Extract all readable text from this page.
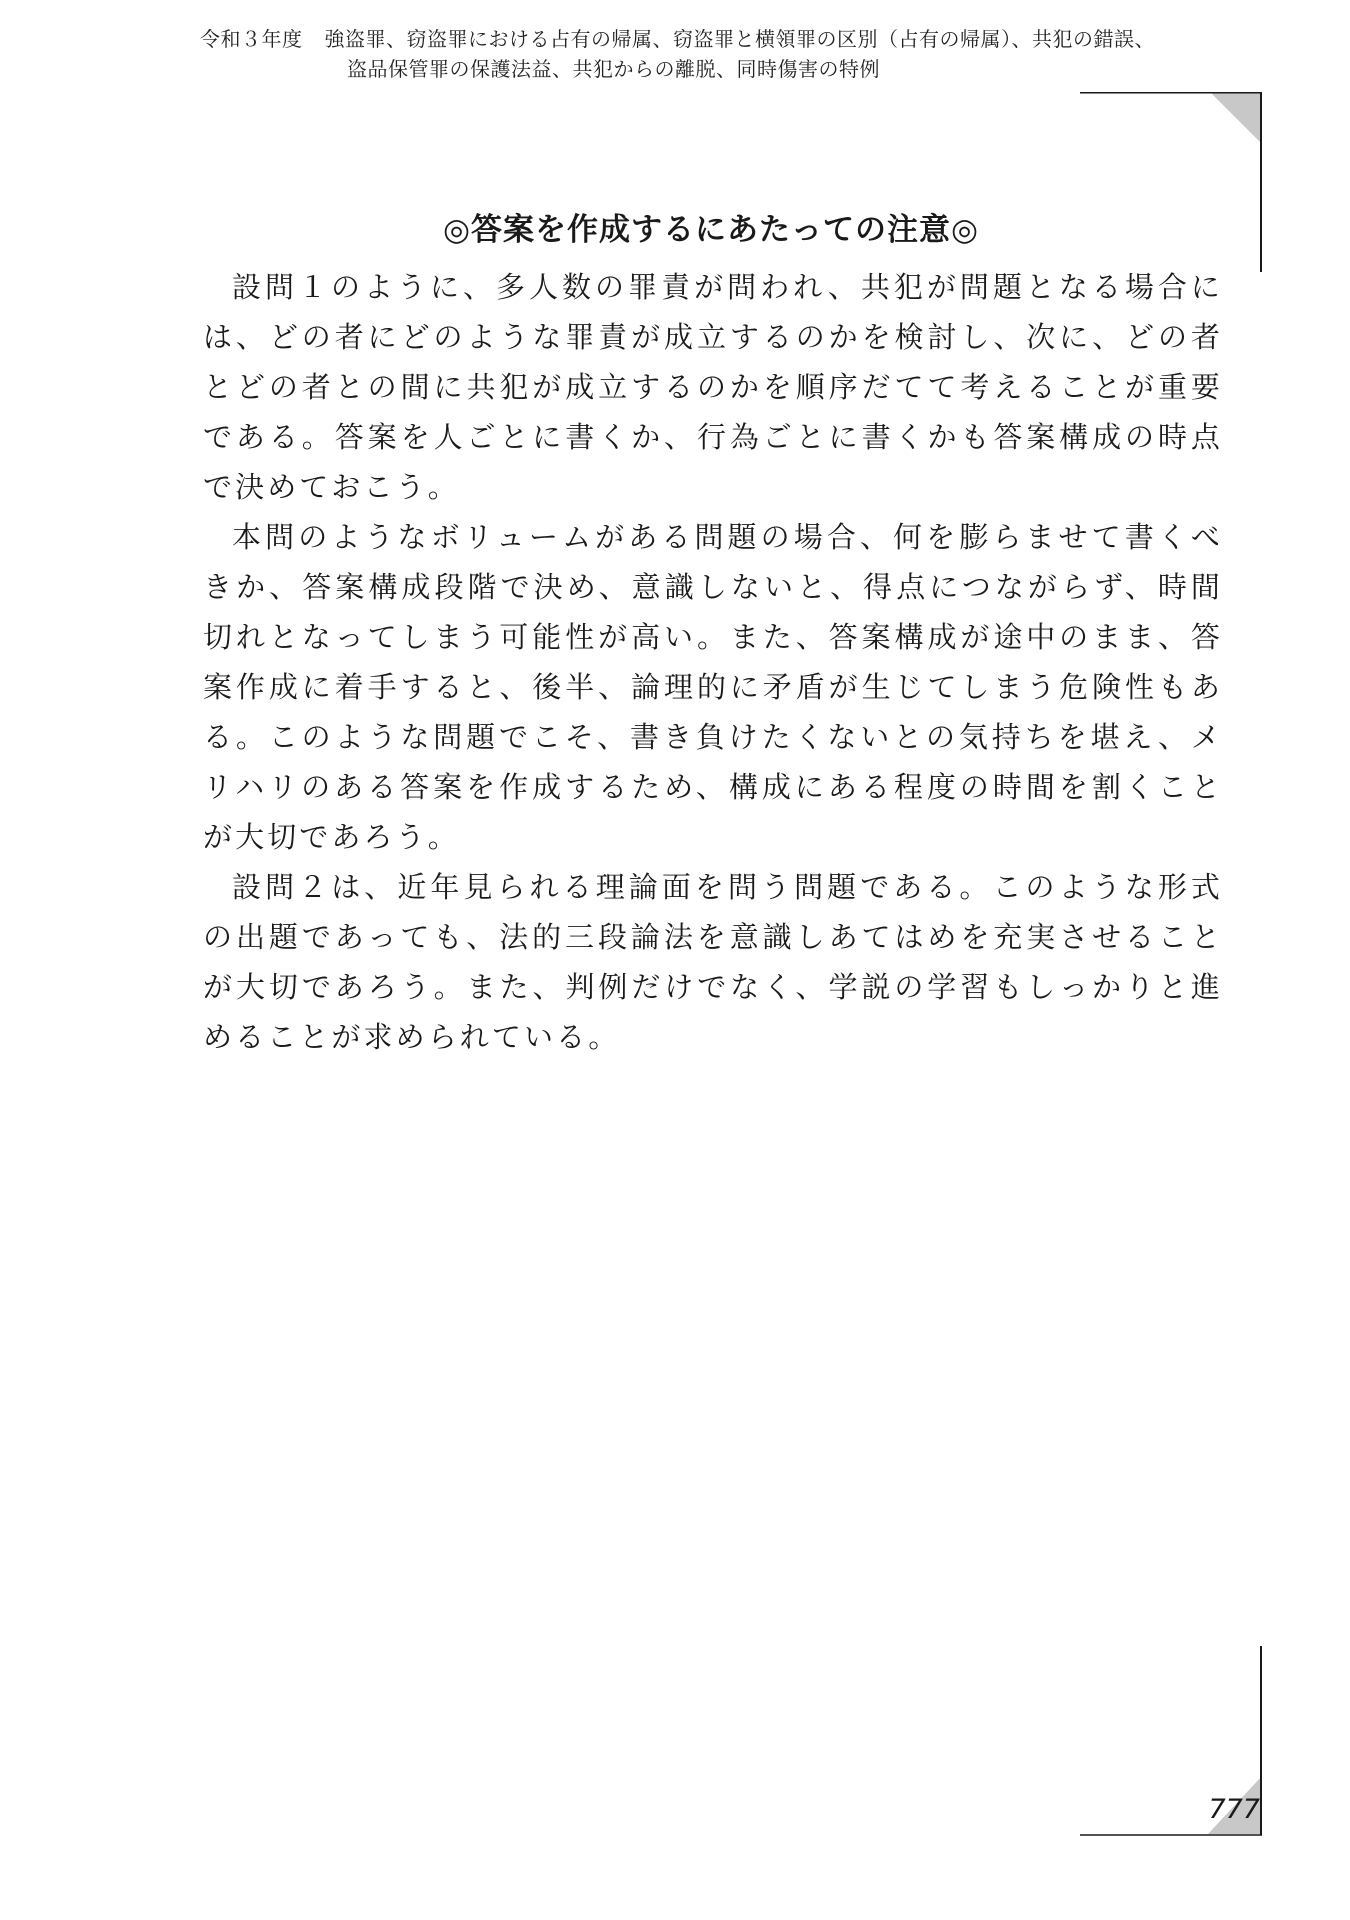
令和３年度 強盗罪、窃盗罪における占有の帰属、窃盗罪と横領罪の区別（占有の帰属）、共犯の錯誤、
盗品保管罪の保護法益、共犯からの離脱、同時傷害の特例
777
◎答案を作成するにあたっての注意◎

設問１のように、多人数の罪責が問われ、共犯が問題となる場合には、どの者にどのような罪責が成立するのかを検討し、次に、どの者とどの者との間に共犯が成立するのかを順序だてて考えることが重要である。答案を人ごとに書くか、行為ごとに書くかも答案構成の時点で決めておこう。

本問のようなボリュームがある問題の場合、何を膨らませて書くべきか、答案構成段階で決め、意識しないと、得点につながらず、時間切れとなってしまう可能性が高い。また、答案構成が途中のまま、答案作成に着手すると、後半、論理的に矛盾が生じてしまう危険性もある。このような問題でこそ、書き負けたくないとの気持ちを堪え、メリハリのある答案を作成するため、構成にある程度の時間を割くことが大切であろう。

設問２は、近年見られる理論面を問う問題である。このような形式の出題であっても、法的三段論法を意識しあてはめを充実させることが大切であろう。また、判例だけでなく、学説の学習もしっかりと進めることが求められている。
